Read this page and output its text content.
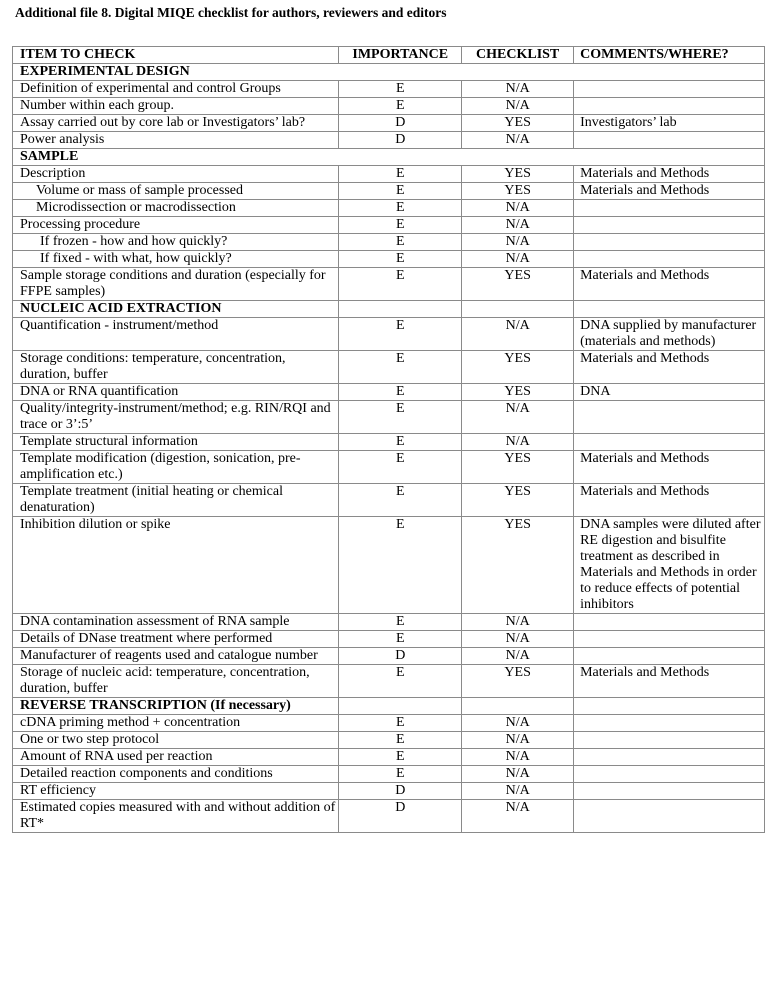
Additional file 8. Digital MIQE checklist for authors, reviewers and editors
ITEM TO CHECK	IMPORTANCE	CHECKLIST	COMMENTS/WHERE?
EXPERIMENTAL DESIGN			
Definition of experimental and control Groups	E	N/A	
Number within each group.	E	N/A	
Assay carried out by core lab or Investigators’ lab?	D	YES	Investigators’ lab
Power analysis	D	N/A	
SAMPLE			
Description	E	YES	Materials and Methods
Volume or mass of sample processed	E	YES	Materials and Methods
Microdissection or macrodissection	E	N/A	
Processing procedure	E	N/A	
If frozen - how and how quickly?	E	N/A	
If fixed - with what, how quickly?	E	N/A	
Sample storage conditions and duration (especially for FFPE samples)	E	YES	Materials and Methods
NUCLEIC ACID EXTRACTION			
Quantification - instrument/method	E	N/A	DNA supplied by manufacturer (materials and methods)
Storage conditions: temperature, concentration, duration, buffer	E	YES	Materials and Methods
DNA or RNA quantification	E	YES	DNA
Quality/integrity-instrument/method; e.g. RIN/RQI and trace or 3’:5’	E	N/A	
Template structural information	E	N/A	
Template modification (digestion, sonication, pre-amplification etc.)	E	YES	Materials and Methods
Template treatment (initial heating or chemical denaturation)	E	YES	Materials and Methods
Inhibition dilution or spike	E	YES	DNA samples were diluted after RE digestion and bisulfite treatment as described in Materials and Methods in order to reduce effects of potential inhibitors
DNA contamination assessment of RNA sample	E	N/A	
Details of DNase treatment where performed	E	N/A	
Manufacturer of reagents used and catalogue number	D	N/A	
Storage of nucleic acid: temperature, concentration, duration, buffer	E	YES	Materials and Methods
REVERSE TRANSCRIPTION (If necessary)			
cDNA priming method + concentration	E	N/A	
One or two step protocol	E	N/A	
Amount of RNA used per reaction	E	N/A	
Detailed reaction components and conditions	E	N/A	
RT efficiency	D	N/A	
Estimated copies measured with and without addition of RT*	D	N/A	
